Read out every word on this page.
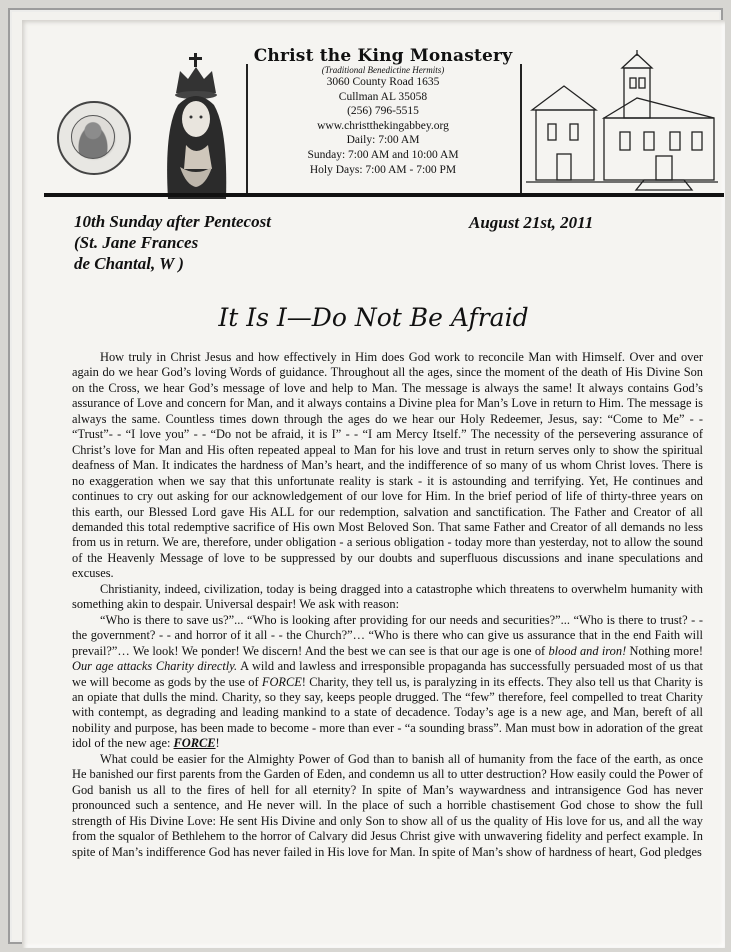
Christ the King Monastery
(Traditional Benedictine Hermits)
3060 County Road 1635
Cullman AL 35058
(256) 796-5515
www.christthekingabbey.org
Daily: 7:00 AM
Sunday: 7:00 AM and 10:00 AM
Holy Days: 7:00 AM - 7:00 PM
10th Sunday after Pentecost
(St. Jane Frances
de Chantal, W )
August 21st, 2011
It Is I—Do Not Be Afraid

How truly in Christ Jesus and how effectively in Him does God work to reconcile Man with Himself. Over and over again do we hear God’s loving Words of guidance. Throughout all the ages, since the moment of the death of His Divine Son on the Cross, we hear God’s message of love and help to Man. The message is always the same! It always contains God’s assurance of Love and concern for Man, and it always contains a Divine plea for Man’s Love in return to Him. The message is always the same. Countless times down through the ages do we hear our Holy Redeemer, Jesus, say: “Come to Me” - - “Trust”- - “I love you” - - “Do not be afraid, it is I” - - “I am Mercy Itself.” The necessity of the persevering assurance of Christ’s love for Man and His often repeated appeal to Man for his love and trust in return serves only to show the spiritual deafness of Man. It indicates the hardness of Man’s heart, and the indifference of so many of us whom Christ loves. There is no exaggeration when we say that this unfortunate reality is stark - it is astounding and terrifying. Yet, He continues and continues to cry out asking for our acknowledgement of our love for Him. In the brief period of life of thirty-three years on this earth, our Blessed Lord gave His ALL for our redemption, salvation and sanctification. The Father and Creator of all demanded this total redemptive sacrifice of His own Most Beloved Son. That same Father and Creator of all demands no less from us in return. We are, therefore, under obligation - a serious obligation - today more than yesterday, not to allow the sound of the Heavenly Message of love to be suppressed by our doubts and superfluous discussions and inane speculations and excuses.

Christianity, indeed, civilization, today is being dragged into a catastrophe which threatens to overwhelm humanity with something akin to despair. Universal despair! We ask with reason:

“Who is there to save us?”... “Who is looking after providing for our needs and securities?”... “Who is there to trust? - - the government? - - and horror of it all - - the Church?”… “Who is there who can give us assurance that in the end Faith will prevail?”… We look! We ponder! We discern! And the best we can see is that our age is one of blood and iron! Nothing more! Our age attacks Charity directly. A wild and lawless and irresponsible propaganda has successfully persuaded most of us that we will become as gods by the use of FORCE! Charity, they tell us, is paralyzing in its effects. They also tell us that Charity is an opiate that dulls the mind. Charity, so they say, keeps people drugged. The “few” therefore, feel compelled to treat Charity with contempt, as degrading and leading mankind to a state of decadence. Today’s age is a new age, and Man, bereft of all nobility and purpose, has been made to become - more than ever - “a sounding brass”. Man must bow in adoration of the great idol of the new age: FORCE!

What could be easier for the Almighty Power of God than to banish all of humanity from the face of the earth, as once He banished our first parents from the Garden of Eden, and condemn us all to utter destruction? How easily could the Power of God banish us all to the fires of hell for all eternity? In spite of Man’s waywardness and intransigence God has never pronounced such a sentence, and He never will. In the place of such a horrible chastisement God chose to show the full strength of His Divine Love: He sent His Divine and only Son to show all of us the quality of His love for us, and all the way from the squalor of Bethlehem to the horror of Calvary did Jesus Christ give with unwavering fidelity and perfect example. In spite of Man’s indifference God has never failed in His love for Man. In spite of Man’s show of hardness of heart, God pledges
